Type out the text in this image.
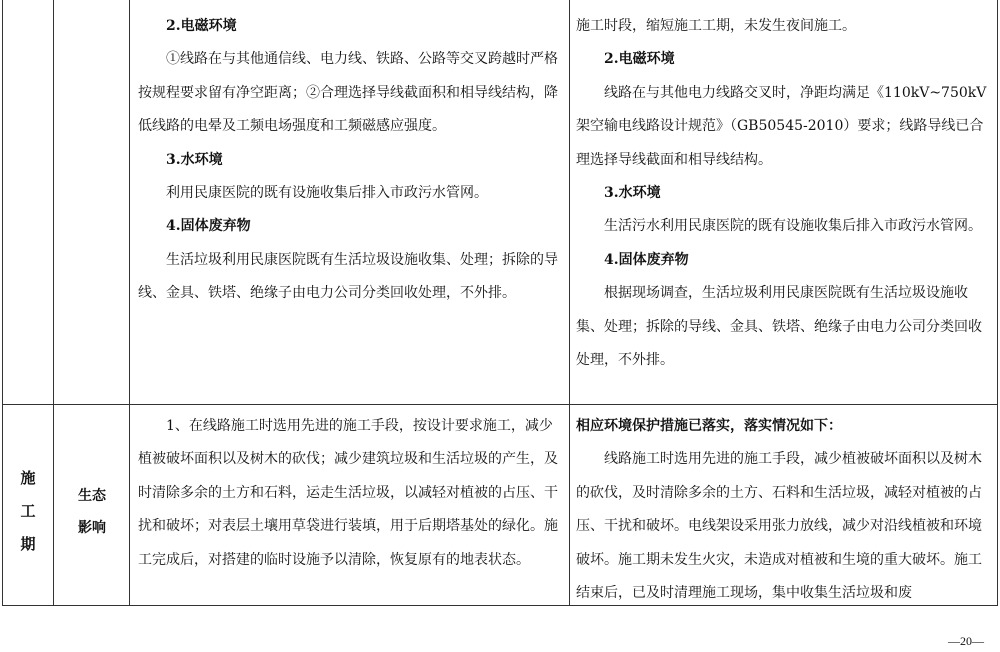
2.电磁环境

①线路在与其他通信线、电力线、铁路、公路等交叉跨越时严格按规程要求留有净空距离；②合理选择导线截面积和相导线结构，降低线路的电晕及工频电场强度和工频磁感应强度。

3.水环境

利用民康医院的既有设施收集后排入市政污水管网。

4.固体废弃物

生活垃圾利用民康医院既有生活垃圾设施收集、处理；拆除的导线、金具、铁塔、绝缘子由电力公司分类回收处理，不外排。

施工时段，缩短施工工期，未发生夜间施工。

2.电磁环境

线路在与其他电力线路交叉时，净距均满足《110kV~750kV架空输电线路设计规范》（GB50545-2010）要求；线路导线已合理选择导线截面和相导线结构。

3.水环境

生活污水利用民康医院的既有设施收集后排入市政污水管网。

4.固体废弃物

根据现场调查，生活垃圾利用民康医院既有生活垃圾设施收集、处理；拆除的导线、金具、铁塔、绝缘子由电力公司分类回收处理，不外排。

施
工
期
生态
影响

1、在线路施工时选用先进的施工手段，按设计要求施工，减少植被破坏面积以及树木的砍伐；减少建筑垃圾和生活垃圾的产生，及时清除多余的土方和石料，运走生活垃圾，以减轻对植被的占压、干扰和破坏；对表层土壤用草袋进行装填，用于后期塔基处的绿化。施工完成后，对搭建的临时设施予以清除，恢复原有的地表状态。

相应环境保护措施已落实，落实情况如下：

线路施工时选用先进的施工手段，减少植被破坏面积以及树木的砍伐，及时清除多余的土方、石料和生活垃圾，减轻对植被的占压、干扰和破坏。电线架设采用张力放线，减少对沿线植被和环境破坏。施工期未发生火灾，未造成对植被和生境的重大破坏。施工结束后，已及时清理施工现场，集中收集生活垃圾和废

—20—
